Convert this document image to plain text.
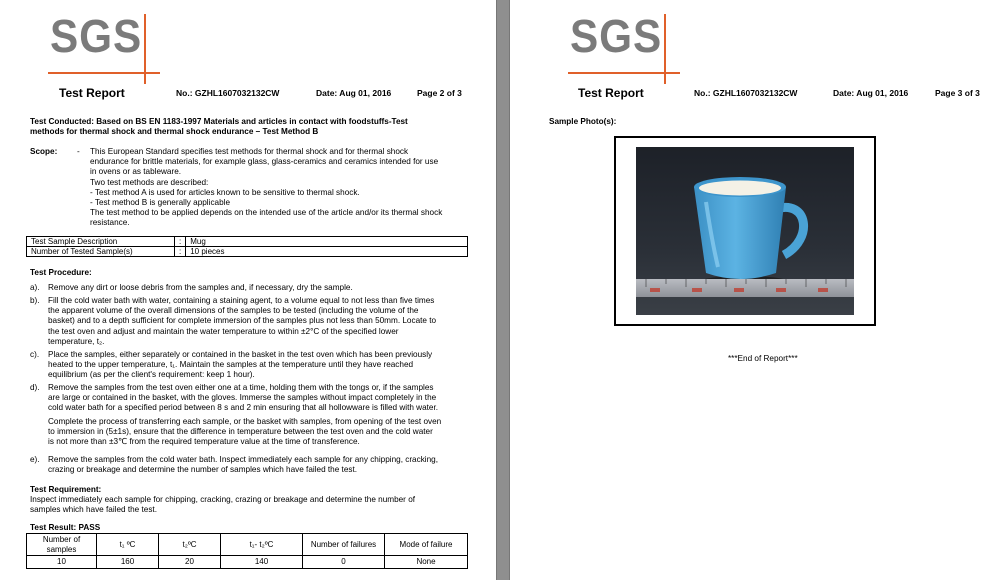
SGS
Test Report	No.: GZHL1607032132CW	Date: Aug 01, 2016	Page 2 of 3
Test Conducted: Based on BS EN 1183-1997 Materials and articles in contact with foodstuffs-Test
methods for thermal shock and thermal shock endurance – Test Method B
Scope: - This European Standard specifies test methods for thermal shock and for thermal shock
endurance for brittle materials, for example glass, glass-ceramics and ceramics intended for use
in ovens or as tableware.
Two test methods are described:
- Test method A is used for articles known to be sensitive to thermal shock.
- Test method B is generally applicable
The test method to be applied depends on the intended use of the article and/or its thermal shock
resistance.
Test Sample Description	:	Mug
Number of Tested Sample(s)	:	10 pieces
Test Procedure:
a). Remove any dirt or loose debris from the samples and, if necessary, dry the sample.
b). Fill the cold water bath with water, containing a staining agent, to a volume equal to not less than five times
the apparent volume of the overall dimensions of the samples to be tested (including the volume of the
basket) and to a depth sufficient for complete immersion of the samples plus not less than 50mm. Locate to
the test oven and adjust and maintain the water temperature to within ±2°C of the specified lower
temperature, t₂.
c). Place the samples, either separately or contained in the basket in the test oven which has been previously
heated to the upper temperature, t₁. Maintain the samples at the temperature until they have reached
equilibrium (as per the client's requirement: keep 1 hour).
d). Remove the samples from the test oven either one at a time, holding them with the tongs or, if the samples
are large or contained in the basket, with the gloves. Immerse the samples without impact completely in the
cold water bath for a specified period between 8 s and 2 min ensuring that all hollowware is filled with water.
Complete the process of transferring each sample, or the basket with samples, from opening of the test oven
to immersion in (5±1s), ensure that the difference in temperature between the test oven and the cold water
is not more than ±3℃ from the required temperature value at the time of transference.
e). Remove the samples from the cold water bath. Inspect immediately each sample for any chipping, cracking,
crazing or breakage and determine the number of samples which have failed the test.
Test Requirement:
Inspect immediately each sample for chipping, cracking, crazing or breakage and determine the number of
samples which have failed the test.
Test Result: PASS
Number of
samples	t₁ ºC	t₂ºC	t₁- t₂ºC	Number of failures	Mode of failure
10	160	20	140	0	None
SGS
Test Report	No.: GZHL1607032132CW	Date: Aug 01, 2016	Page 3 of 3
Sample Photo(s):
***End of Report***
